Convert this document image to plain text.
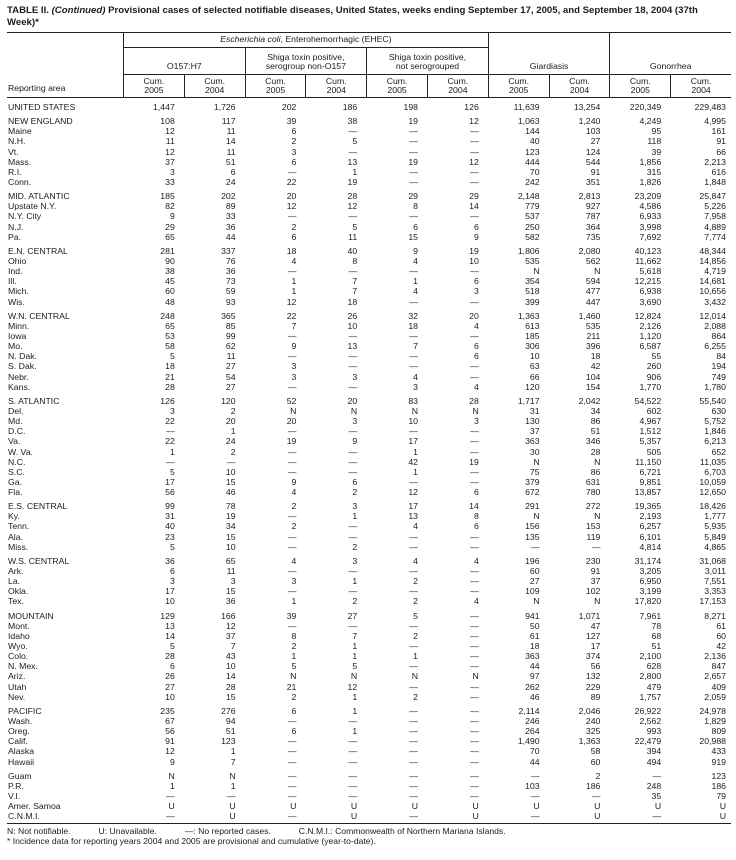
TABLE II. (Continued) Provisional cases of selected notifiable diseases, United States, weeks ending September 17, 2005, and September 18, 2004 (37th Week)*
Reporting area
Escherichia coli, Enterohemorrhagic (EHEC)
O157:H7
Shiga toxin positive,
serogroup non-O157
Shiga toxin positive,
not serogrouped	Giardiasis	Gonorrhea
Cum.
2005
Cum.
2004
Cum.
2005
Cum.
2004
Cum.
2005
Cum.
2004
Cum.
2005
Cum.
2004
Cum.
2005
Cum.
2004
UNITED STATES	1,447	1,726	202	186	198	126	11,639	13,254	220,349	229,483
NEW ENGLAND	108	117	39	38	19	12	1,063	1,240	4,249	4,995
Maine	12	11	6	—	—	—	144	103	95	161
N.H.	11	14	2	5	—	—	40	27	118	91
Vt.	12	11	3	—	—	—	123	124	39	66
Mass.	37	51	6	13	19	12	444	544	1,856	2,213
R.I.	3	6	—	1	—	—	70	91	315	616
Conn.	33	24	22	19	—	—	242	351	1,826	1,848
MID. ATLANTIC	185	202	20	28	29	29	2,148	2,813	23,209	25,847
Upstate N.Y.	82	89	12	12	8	14	779	927	4,586	5,226
N.Y. City	9	33	—	—	—	—	537	787	6,933	7,958
N.J.	29	36	2	5	6	6	250	364	3,998	4,889
Pa.	65	44	6	11	15	9	582	735	7,692	7,774
E.N. CENTRAL	281	337	18	40	9	19	1,806	2,080	40,123	48,344
Ohio	90	76	4	8	4	10	535	562	11,662	14,856
Ind.	38	36	—	—	—	—	N	N	5,618	4,719
Ill.	45	73	1	7	1	6	354	594	12,215	14,681
Mich.	60	59	1	7	4	3	518	477	6,938	10,656
Wis.	48	93	12	18	—	—	399	447	3,690	3,432
W.N. CENTRAL	248	365	22	26	32	20	1,363	1,460	12,824	12,014
Minn.	65	85	7	10	18	4	613	535	2,126	2,088
Iowa	53	99	—	—	—	—	185	211	1,120	864
Mo.	58	62	9	13	7	6	306	396	6,587	6,255
N. Dak.	5	11	—	—	—	6	10	18	55	84
S. Dak.	18	27	3	—	—	—	63	42	260	194
Nebr.	21	54	3	3	4	—	66	104	906	749
Kans.	28	27	—	—	3	4	120	154	1,770	1,780
S. ATLANTIC	126	120	52	20	83	28	1,717	2,042	54,522	55,540
Del.	3	2	N	N	N	N	31	34	602	630
Md.	22	20	20	3	10	3	130	86	4,967	5,752
D.C.	—	1	—	—	—	—	37	51	1,512	1,846
Va.	22	24	19	9	17	—	363	346	5,357	6,213
W. Va.	1	2	—	—	1	—	30	28	505	652
N.C.	—	—	—	—	42	19	N	N	11,150	11,035
S.C.	5	10	—	—	1	—	75	86	6,721	6,703
Ga.	17	15	9	6	—	—	379	631	9,851	10,059
Fla.	56	46	4	2	12	6	672	780	13,857	12,650
E.S. CENTRAL	99	78	2	3	17	14	291	272	19,365	18,426
Ky.	31	19	—	1	13	8	N	N	2,193	1,777
Tenn.	40	34	2	—	4	6	156	153	6,257	5,935
Ala.	23	15	—	—	—	—	135	119	6,101	5,849
Miss.	5	10	—	2	—	—	—	—	4,814	4,865
W.S. CENTRAL	36	65	4	3	4	4	196	230	31,174	31,068
Ark.	6	11	—	—	—	—	60	91	3,205	3,011
La.	3	3	3	1	2	—	27	37	6,950	7,551
Okla.	17	15	—	—	—	—	109	102	3,199	3,353
Tex.	10	36	1	2	2	4	N	N	17,820	17,153
MOUNTAIN	129	166	39	27	5	—	941	1,071	7,961	8,271
Mont.	13	12	—	—	—	—	50	47	78	61
Idaho	14	37	8	7	2	—	61	127	68	60
Wyo.	5	7	2	1	—	—	18	17	51	42
Colo.	28	43	1	1	1	—	363	374	2,100	2,136
N. Mex.	6	10	5	5	—	—	44	56	628	847
Ariz.	26	14	N	N	N	N	97	132	2,800	2,657
Utah	27	28	21	12	—	—	262	229	479	409
Nev.	10	15	2	1	2	—	46	89	1,757	2,059
PACIFIC	235	276	6	1	—	—	2,114	2,046	26,922	24,978
Wash.	67	94	—	—	—	—	246	240	2,562	1,829
Oreg.	56	51	6	1	—	—	264	325	993	809
Calif.	91	123	—	—	—	—	1,490	1,363	22,479	20,988
Alaska	12	1	—	—	—	—	70	58	394	433
Hawaii	9	7	—	—	—	—	44	60	494	919
Guam	N	N	—	—	—	—	—	2	—	123
P.R.	1	1	—	—	—	—	103	186	248	186
V.I.	—	—	—	—	—	—	—	—	35	79
Amer. Samoa	U	U	U	U	U	U	U	U	U	U
C.N.M.I.	—	U	—	U	—	U	—	U	—	U
N: Not notifiable.	U: Unavailable.	—: No reported cases.	C.N.M.I.: Commonwealth of Northern Mariana Islands.
* Incidence data for reporting years 2004 and 2005 are provisional and cumulative (year-to-date).
